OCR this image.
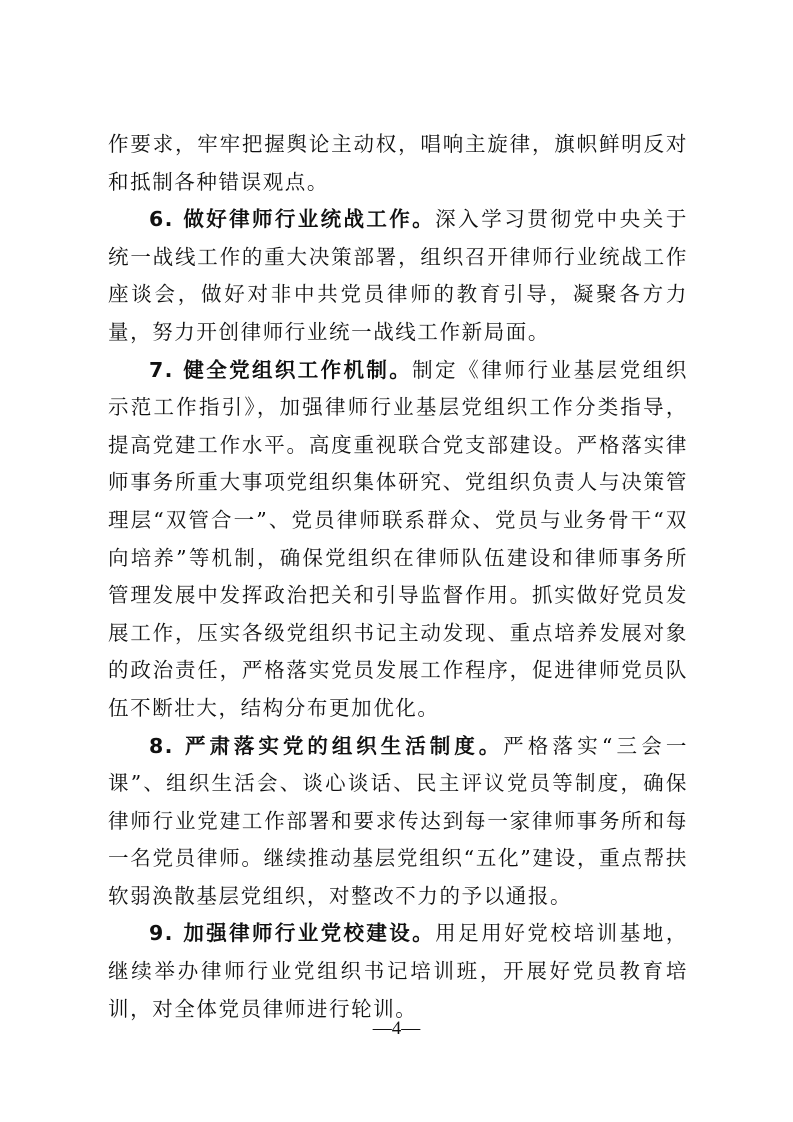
作要求，牢牢把握舆论主动权，唱响主旋律，旗帜鲜明反对和抵制各种错误观点。

6. 做好律师行业统战工作。深入学习贯彻党中央关于统一战线工作的重大决策部署，组织召开律师行业统战工作座谈会，做好对非中共党员律师的教育引导，凝聚各方力量，努力开创律师行业统一战线工作新局面。

7. 健全党组织工作机制。制定《律师行业基层党组织示范工作指引》，加强律师行业基层党组织工作分类指导，提高党建工作水平。高度重视联合党支部建设。严格落实律师事务所重大事项党组织集体研究、党组织负责人与决策管理层“双管合一”、党员律师联系群众、党员与业务骨干“双向培养”等机制，确保党组织在律师队伍建设和律师事务所管理发展中发挥政治把关和引导监督作用。抓实做好党员发展工作，压实各级党组织书记主动发现、重点培养发展对象的政治责任，严格落实党员发展工作程序，促进律师党员队伍不断壮大，结构分布更加优化。

8. 严肃落实党的组织生活制度。严格落实“三会一课”、组织生活会、谈心谈话、民主评议党员等制度，确保律师行业党建工作部署和要求传达到每一家律师事务所和每一名党员律师。继续推动基层党组织“五化”建设，重点帮扶软弱涣散基层党组织，对整改不力的予以通报。

9. 加强律师行业党校建设。用足用好党校培训基地，继续举办律师行业党组织书记培训班，开展好党员教育培训，对全体党员律师进行轮训。

—4—
